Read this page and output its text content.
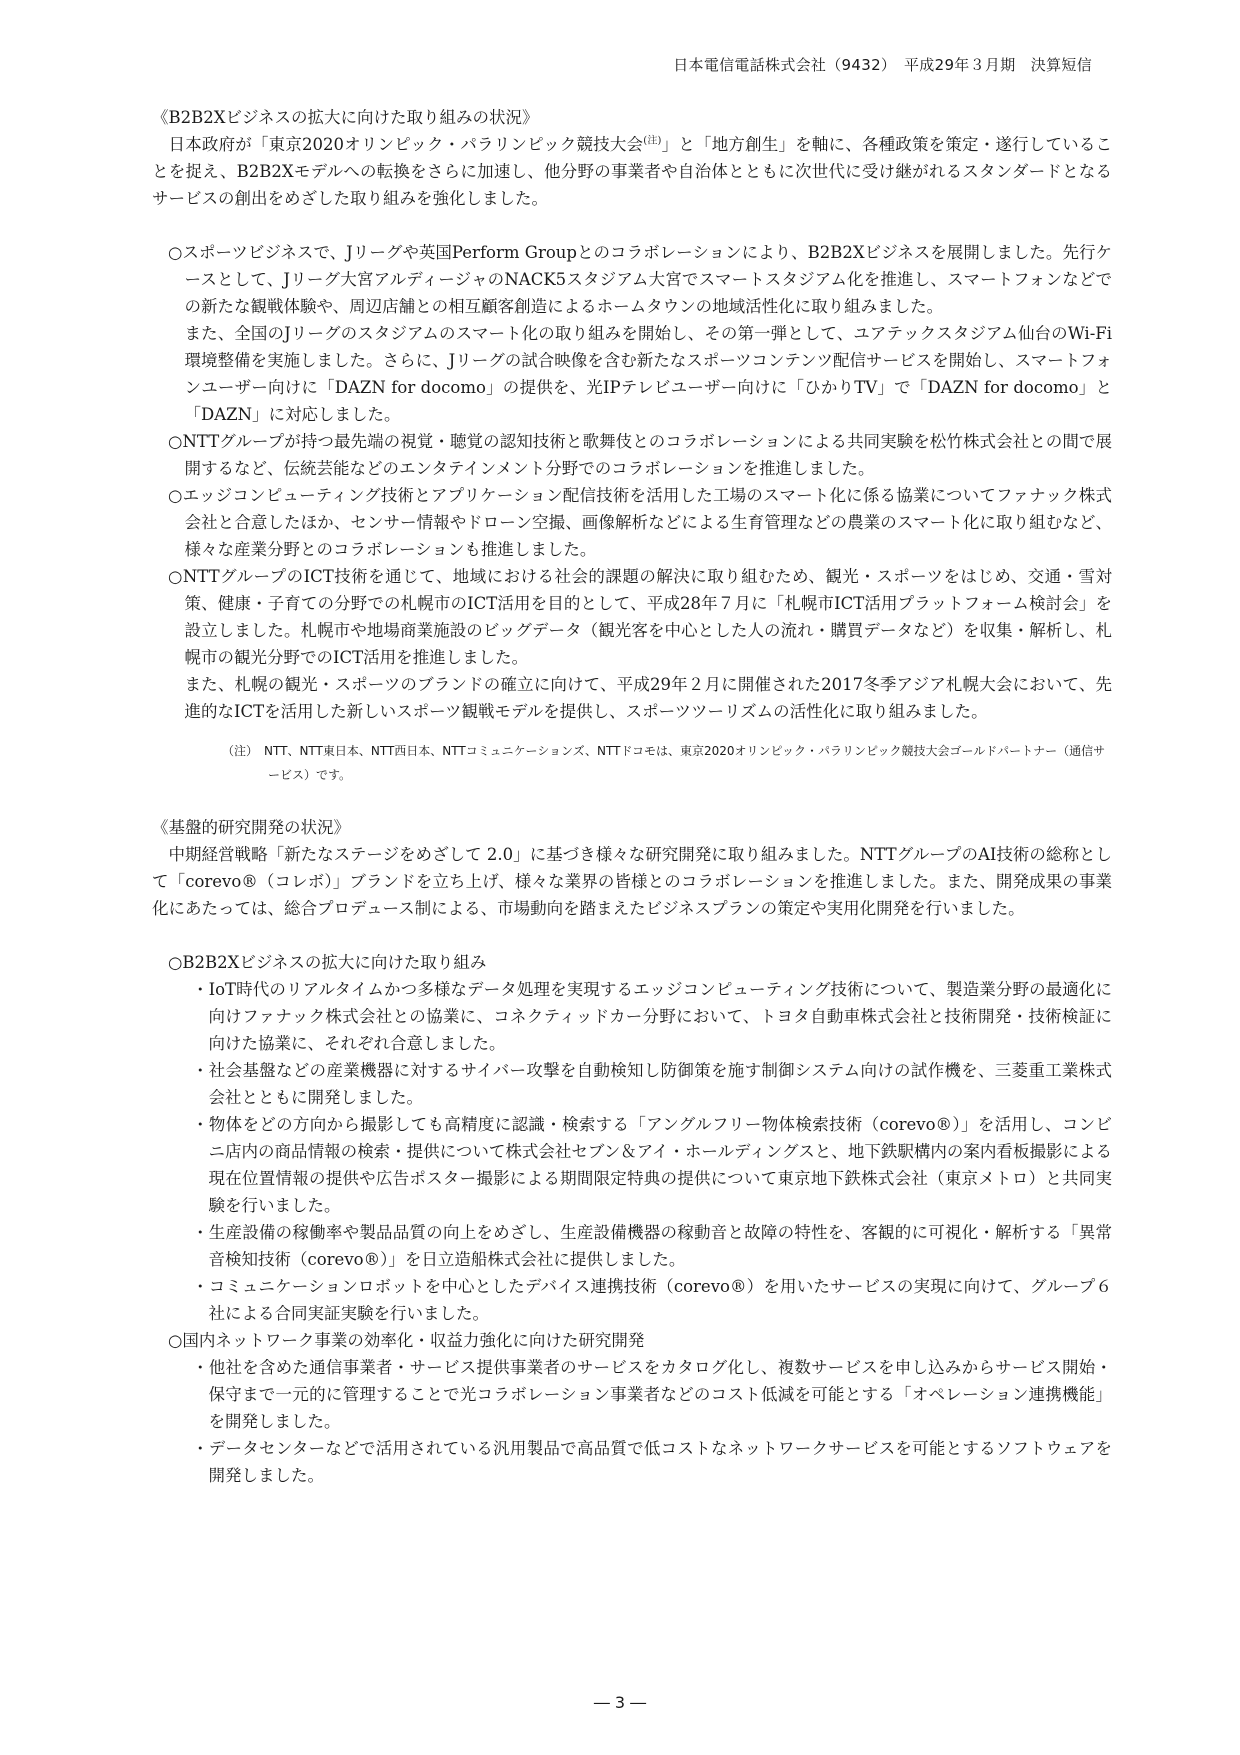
日本電信電話株式会社（9432）　平成29年３月期　決算短信

《B2B2Xビジネスの拡大に向けた取り組みの状況》

日本政府が「東京2020オリンピック・パラリンピック競技大会$^{(注)}$」と「地方創生」を軸に、各種政策を策定・遂行していることを捉え、B2B2Xモデルへの転換をさらに加速し、他分野の事業者や自治体とともに次世代に受け継がれるスタンダードとなるサービスの創出をめざした取り組みを強化しました。

○スポーツビジネスで、Jリーグや英国Perform Groupとのコラボレーションにより、B2B2Xビジネスを展開しました。先行ケースとして、Jリーグ大宮アルディージャのNACK5スタジアム大宮でスマートスタジアム化を推進し、スマートフォンなどでの新たな観戦体験や、周辺店舗との相互顧客創造によるホームタウンの地域活性化に取り組みました。

また、全国のJリーグのスタジアムのスマート化の取り組みを開始し、その第一弾として、ユアテックスタジアム仙台のWi-Fi環境整備を実施しました。さらに、Jリーグの試合映像を含む新たなスポーツコンテンツ配信サービスを開始し、スマートフォンユーザー向けに「DAZN for docomo」の提供を、光IPテレビユーザー向けに「ひかりTV」で「DAZN for docomo」と「DAZN」に対応しました。

○NTTグループが持つ最先端の視覚・聴覚の認知技術と歌舞伎とのコラボレーションによる共同実験を松竹株式会社との間で展開するなど、伝統芸能などのエンタテインメント分野でのコラボレーションを推進しました。

○エッジコンピューティング技術とアプリケーション配信技術を活用した工場のスマート化に係る協業についてファナック株式会社と合意したほか、センサー情報やドローン空撮、画像解析などによる生育管理などの農業のスマート化に取り組むなど、様々な産業分野とのコラボレーションも推進しました。

○NTTグループのICT技術を通じて、地域における社会的課題の解決に取り組むため、観光・スポーツをはじめ、交通・雪対策、健康・子育ての分野での札幌市のICT活用を目的として、平成28年７月に「札幌市ICT活用プラットフォーム検討会」を設立しました。札幌市や地場商業施設のビッグデータ（観光客を中心とした人の流れ・購買データなど）を収集・解析し、札幌市の観光分野でのICT活用を推進しました。

また、札幌の観光・スポーツのブランドの確立に向けて、平成29年２月に開催された2017冬季アジア札幌大会において、先進的なICTを活用した新しいスポーツ観戦モデルを提供し、スポーツツーリズムの活性化に取り組みました。

（注）　 NTT、NTT東日本、NTT西日本、NTTコミュニケーションズ、NTTドコモは、東京2020オリンピック・パラリンピック競技大会ゴールドパートナー（通信サービス）です。

《基盤的研究開発の状況》

中期経営戦略「新たなステージをめざして 2.0」に基づき様々な研究開発に取り組みました。NTTグループのAI技術の総称として「corevo®（コレボ）」ブランドを立ち上げ、様々な業界の皆様とのコラボレーションを推進しました。また、開発成果の事業化にあたっては、総合プロデュース制による、市場動向を踏まえたビジネスプランの策定や実用化開発を行いました。

○B2B2Xビジネスの拡大に向けた取り組み

・IoT時代のリアルタイムかつ多様なデータ処理を実現するエッジコンピューティング技術について、製造業分野の最適化に向けファナック株式会社との協業に、コネクティッドカー分野において、トヨタ自動車株式会社と技術開発・技術検証に向けた協業に、それぞれ合意しました。

・社会基盤などの産業機器に対するサイバー攻撃を自動検知し防御策を施す制御システム向けの試作機を、三菱重工業株式会社とともに開発しました。

・物体をどの方向から撮影しても高精度に認識・検索する「アングルフリー物体検索技術（corevo®）」を活用し、コンビニ店内の商品情報の検索・提供について株式会社セブン＆アイ・ホールディングスと、地下鉄駅構内の案内看板撮影による現在位置情報の提供や広告ポスター撮影による期間限定特典の提供について東京地下鉄株式会社（東京メトロ）と共同実験を行いました。

・生産設備の稼働率や製品品質の向上をめざし、生産設備機器の稼動音と故障の特性を、客観的に可視化・解析する「異常音検知技術（corevo®）」を日立造船株式会社に提供しました。

・コミュニケーションロボットを中心としたデバイス連携技術（corevo®）を用いたサービスの実現に向けて、グループ６社による合同実証実験を行いました。

○国内ネットワーク事業の効率化・収益力強化に向けた研究開発

・他社を含めた通信事業者・サービス提供事業者のサービスをカタログ化し、複数サービスを申し込みからサービス開始・保守まで一元的に管理することで光コラボレーション事業者などのコスト低減を可能とする「オペレーション連携機能」を開発しました。

・データセンターなどで活用されている汎用製品で高品質で低コストなネットワークサービスを可能とするソフトウェアを開発しました。

― 3 ―
